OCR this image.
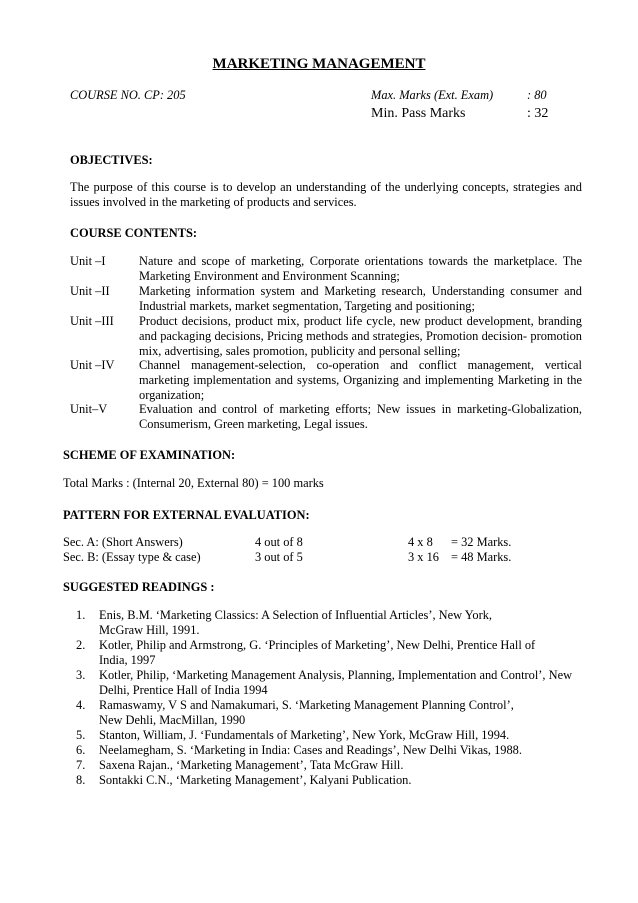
MARKETING MANAGEMENT
COURSE NO. CP: 205	Max. Marks (Ext. Exam)	: 80
Min. Pass Marks	: 32
OBJECTIVES:
The purpose of this course is to develop an understanding of the underlying concepts, strategies and issues involved in the marketing of products and services.
COURSE CONTENTS:
Unit –I	Nature and scope of marketing, Corporate orientations towards the marketplace. The Marketing Environment and Environment Scanning;
Unit –II Marketing information system and Marketing research, Understanding consumer and Industrial markets, market segmentation, Targeting and positioning;
Unit –III Product decisions, product mix, product life cycle, new product development, branding and packaging decisions, Pricing methods and strategies, Promotion decision- promotion mix, advertising, sales promotion, publicity and personal selling;
Unit –IV Channel management-selection, co-operation and conflict management, vertical marketing implementation and systems, Organizing and implementing Marketing in the organization;
Unit–V	Evaluation and control of marketing efforts; New issues in marketing-Globalization, Consumerism, Green marketing, Legal issues.
SCHEME OF EXAMINATION:
Total Marks : (Internal 20, External 80) = 100 marks
PATTERN FOR EXTERNAL EVALUATION:
Sec. A: (Short Answers)	4 out of 8	4 x 8 = 32 Marks.
Sec. B: (Essay type & case)	3 out of 5	3 x 16 = 48 Marks.
SUGGESTED READINGS :
1. Enis, B.M. ‘Marketing Classics: A Selection of Influential Articles’, New York, McGraw Hill, 1991.
2. Kotler, Philip and Armstrong, G. ‘Principles of Marketing’, New Delhi, Prentice Hall of India, 1997
3. Kotler, Philip, ‘Marketing Management Analysis, Planning, Implementation and Control’, New Delhi, Prentice Hall of India 1994
4. Ramaswamy, V S and Namakumari, S. ‘Marketing Management Planning Control’, New Dehli, MacMillan, 1990
5. Stanton, William, J. ‘Fundamentals of Marketing’, New York, McGraw Hill, 1994.
6. Neelamegham, S. ‘Marketing in India: Cases and Readings’, New Delhi Vikas, 1988.
7. Saxena Rajan., ‘Marketing Management’, Tata McGraw Hill.
8. Sontakki C.N., ‘Marketing Management’, Kalyani Publication.
